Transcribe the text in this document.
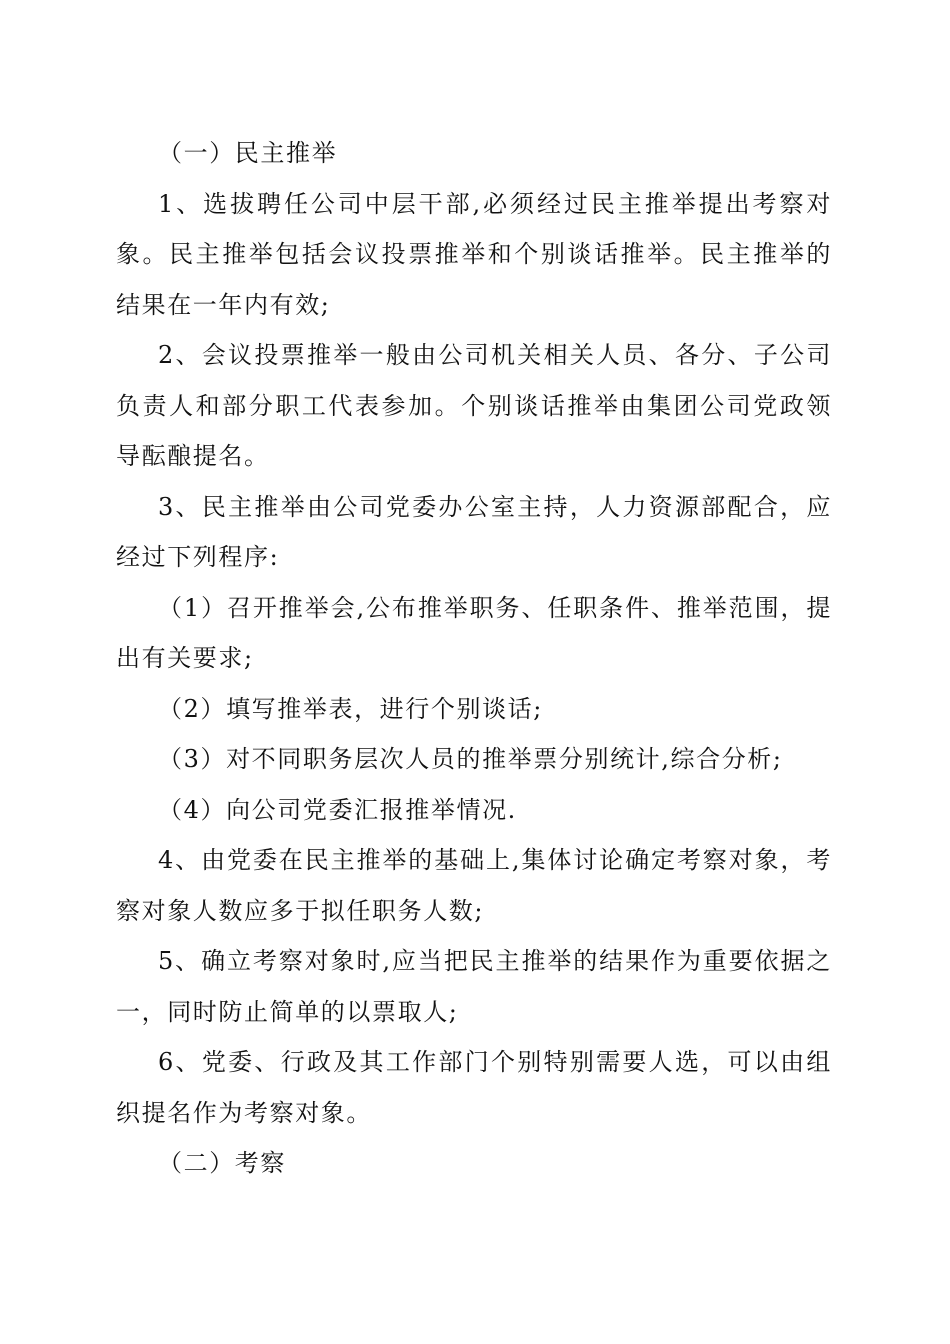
（一）民主推举

1、选拔聘任公司中层干部,必须经过民主推举提出考察对象。民主推举包括会议投票推举和个别谈话推举。民主推举的结果在一年内有效;

2、会议投票推举一般由公司机关相关人员、各分、子公司负责人和部分职工代表参加。个别谈话推举由集团公司党政领导酝酿提名。

3、民主推举由公司党委办公室主持，人力资源部配合，应经过下列程序:

（1）召开推举会,公布推举职务、任职条件、推举范围，提出有关要求;

（2）填写推举表，进行个别谈话;

（3）对不同职务层次人员的推举票分别统计,综合分析;

（4）向公司党委汇报推举情况.

4、由党委在民主推举的基础上,集体讨论确定考察对象，考察对象人数应多于拟任职务人数;

5、确立考察对象时,应当把民主推举的结果作为重要依据之一，同时防止简单的以票取人;

6、党委、行政及其工作部门个别特别需要人选，可以由组织提名作为考察对象。

（二）考察
